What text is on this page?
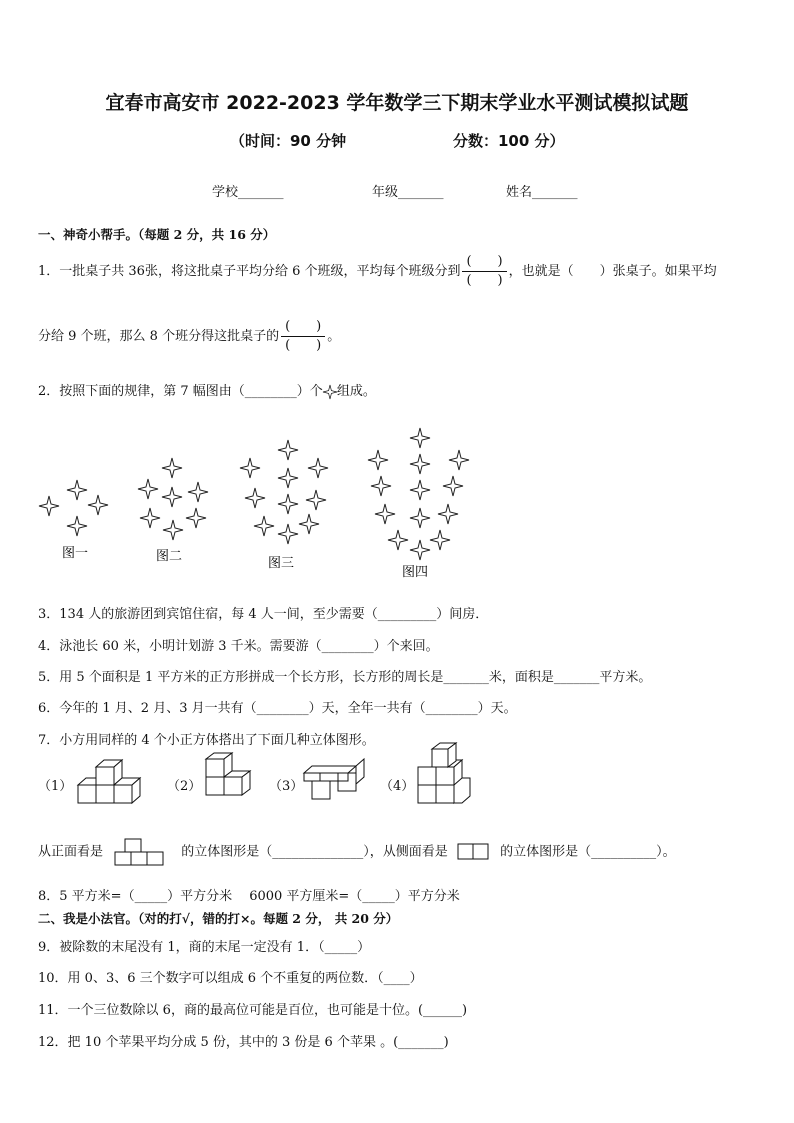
宜春市高安市 2022-2023 学年数学三下期末学业水平测试模拟试题
（时间：90 分钟	分数：100 分）
学校_______	年级_______	姓名_______
一、神奇小帮手。（每题 2 分，共 16 分）
1．一批桌子共 36张，将这批桌子平均分给 6 个班级，平均每个班级分到 $\frac{( )}{( )}$ ，也就是（　　）张桌子。如果平均
分给 9 个班，那么 8 个班分得这批桌子的 $\frac{( )}{( )}$ 。
2．按照下面的规律，第 7 幅图由（________）个 组成。
图一	图二	图三
图四
3．134 人的旅游团到宾馆住宿，每 4 人一间，至少需要（_________）间房．
4．泳池长 60 米，小明计划游 3 千米。需要游（________）个来回。
5．用 5 个面积是 1 平方米的正方形拼成一个长方形，长方形的周长是_______米，面积是_______平方米。
6．今年的 1 月、2 月、3 月一共有（________）天，全年一共有（________）天。
7．小方用同样的 4 个小正方体搭出了下面几种立体图形。
（1）	（2）	（3）	（4）
从正面看是	的立体图形是（______________），从侧面看是	的立体图形是（__________）。
8．5 平方米=（_____）平方分米　 6000 平方厘米=（_____）平方分米
二、我是小法官。（对的打√，错的打×。每题 2 分， 共 20 分）
9．被除数的末尾没有 1，商的末尾一定没有 1．（_____）
10．用 0、3、6 三个数字可以组成 6 个不重复的两位数．（____）
11．一个三位数除以 6，商的最高位可能是百位，也可能是十位。(______)
12．把 10 个苹果平均分成 5 份，其中的 3 份是 6 个苹果 。(_______)
